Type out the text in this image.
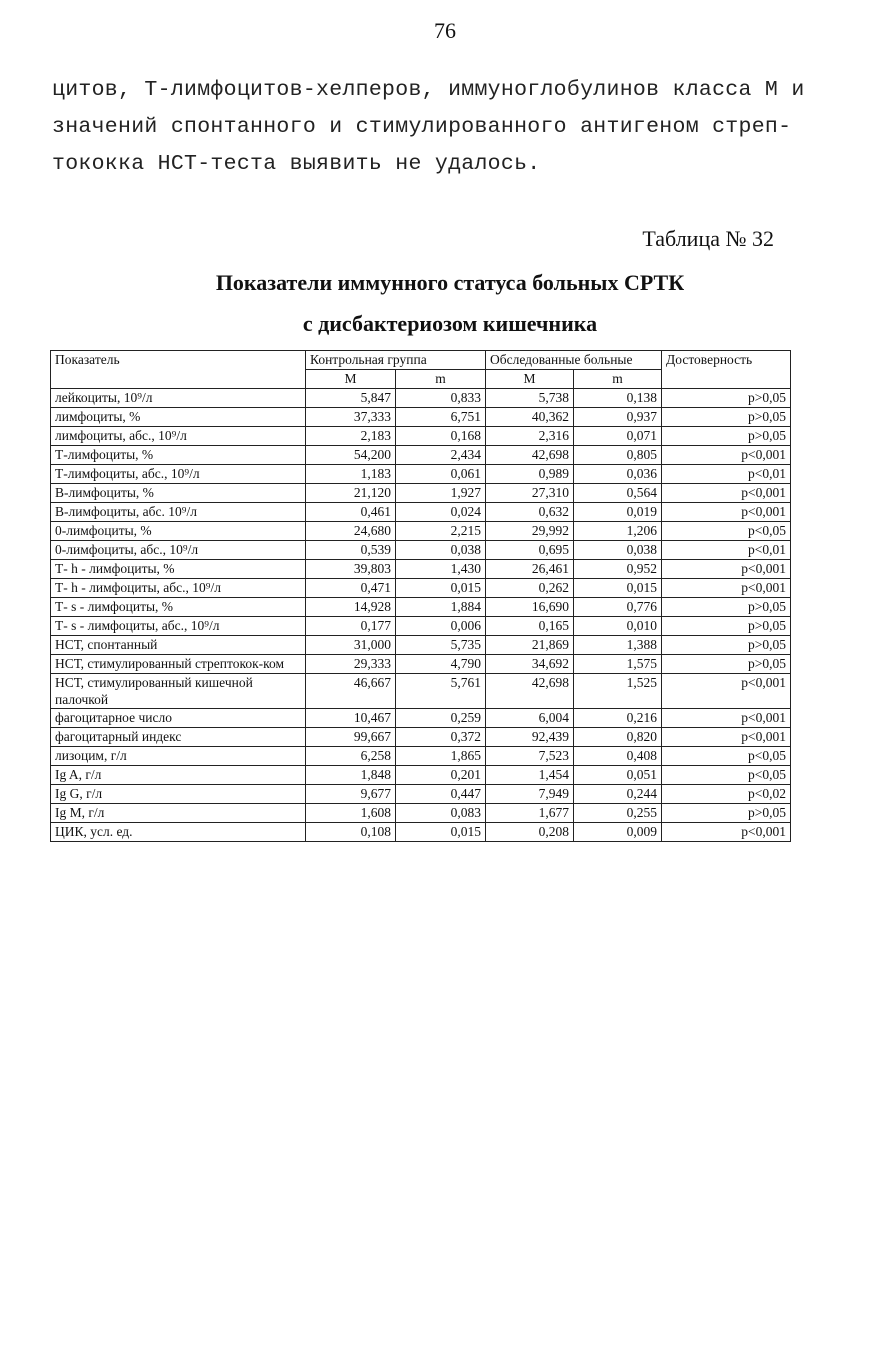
76
цитов, Т-лимфоцитов-хелперов, иммуноглобулинов класса М и
значений спонтанного и стимулированного антигеном стреп-
тококка НСТ-теста выявить не удалось.
Таблица № 32
Показатели иммунного статуса больных СРТК
с дисбактериозом кишечника
Показатель	Контрольная группа		Обследованные больные		Достоверность
	М	m	М	m	
лейкоциты, 10⁹/л	5,847	0,833	5,738	0,138	p>0,05
лимфоциты, %	37,333	6,751	40,362	0,937	p>0,05
лимфоциты, абс., 10⁹/л	2,183	0,168	2,316	0,071	p>0,05
Т-лимфоциты, %	54,200	2,434	42,698	0,805	p<0,001
Т-лимфоциты, абс., 10⁹/л	1,183	0,061	0,989	0,036	p<0,01
В-лимфоциты, %	21,120	1,927	27,310	0,564	p<0,001
В-лимфоциты, абс. 10⁹/л	0,461	0,024	0,632	0,019	p<0,001
0-лимфоциты, %	24,680	2,215	29,992	1,206	p<0,05
0-лимфоциты, абс., 10⁹/л	0,539	0,038	0,695	0,038	p<0,01
Т- h - лимфоциты, %	39,803	1,430	26,461	0,952	p<0,001
Т- h - лимфоциты, абс., 10⁹/л	0,471	0,015	0,262	0,015	p<0,001
Т- s - лимфоциты, %	14,928	1,884	16,690	0,776	p>0,05
Т- s - лимфоциты, абс., 10⁹/л	0,177	0,006	0,165	0,010	p>0,05
НСТ, спонтанный	31,000	5,735	21,869	1,388	p>0,05
НСТ, стимулированный стрептокок-ком	29,333	4,790	34,692	1,575	p>0,05
НСТ, стимулированный кишечной палочкой	46,667	5,761	42,698	1,525	p<0,001
фагоцитарное число	10,467	0,259	6,004	0,216	p<0,001
фагоцитарный индекс	99,667	0,372	92,439	0,820	p<0,001
лизоцим, г/л	6,258	1,865	7,523	0,408	p<0,05
Ig A, г/л	1,848	0,201	1,454	0,051	p<0,05
Ig G, г/л	9,677	0,447	7,949	0,244	p<0,02
Ig M, г/л	1,608	0,083	1,677	0,255	p>0,05
ЦИК, усл. ед.	0,108	0,015	0,208	0,009	p<0,001
